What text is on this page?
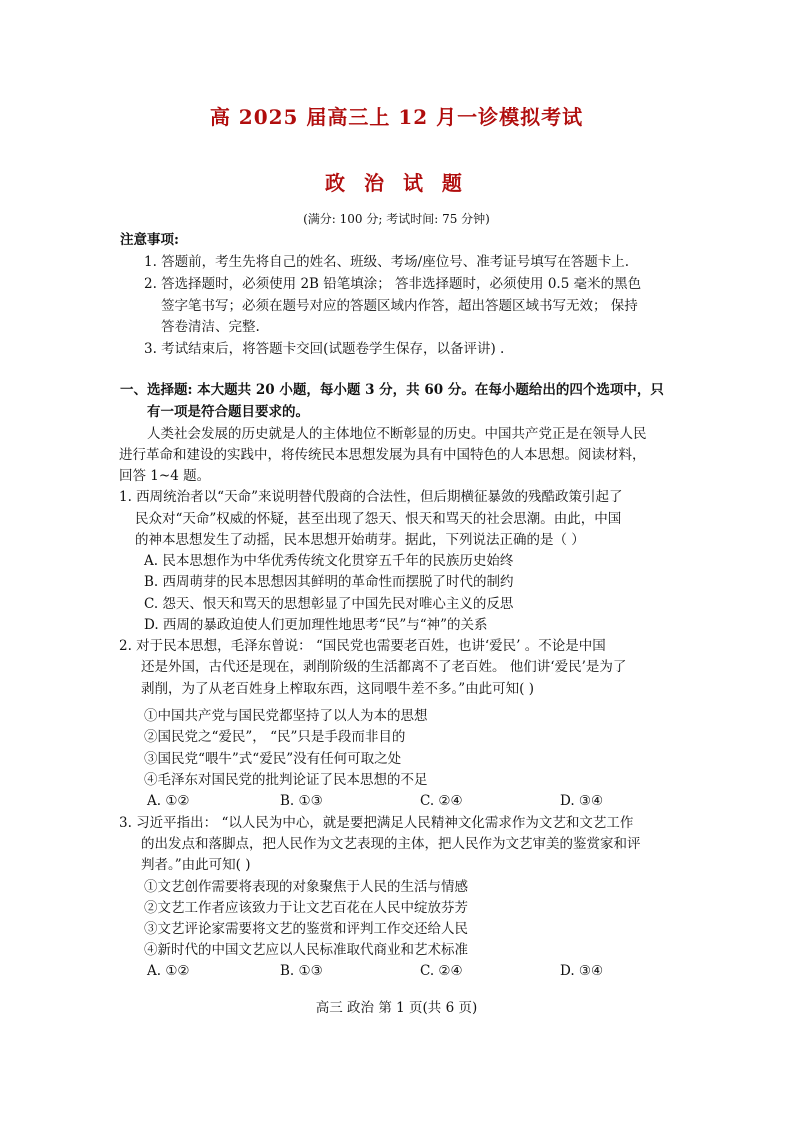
高 2025 届高三上 12 月一诊模拟考试
政 治 试 题
(满分: 100 分; 考试时间: 75 分钟)
注意事项:
1. 答题前，考生先将自己的姓名、班级、考场/座位号、准考证号填写在答题卡上.
2. 答选择题时，必须使用 2B 铅笔填涂； 答非选择题时，必须使用 0.5 毫米的黑色
签字笔书写；必须在题号对应的答题区域内作答，超出答题区域书写无效； 保持
答卷清洁、完整.
3. 考试结束后，将答题卡交回(试题卷学生保存，以备评讲) .
一、选择题: 本大题共 20 小题，每小题 3 分，共 60 分。在每小题给出的四个选项中，只
有一项是符合题目要求的。
人类社会发展的历史就是人的主体地位不断彰显的历史。中国共产党正是在领导人民
进行革命和建设的实践中，将传统民本思想发展为具有中国特色的人本思想。阅读材料，
回答 1~4 题。
1. 西周统治者以“天命”来说明替代殷商的合法性，但后期横征暴敛的残酷政策引起了
民众对“天命”权威的怀疑，甚至出现了怨天、恨天和骂天的社会思潮。由此，中国
的神本思想发生了动摇，民本思想开始萌芽。据此，下列说法正确的是（ ）
A. 民本思想作为中华优秀传统文化贯穿五千年的民族历史始终
B. 西周萌芽的民本思想因其鲜明的革命性而摆脱了时代的制约
C. 怨天、恨天和骂天的思想彰显了中国先民对唯心主义的反思
D. 西周的暴政迫使人们更加理性地思考“民”与“神”的关系
2. 对于民本思想，毛泽东曾说： “国民党也需要老百姓，也讲‘爱民’ 。不论是中国
还是外国，古代还是现在，剥削阶级的生活都离不了老百姓。 他们讲‘爱民’是为了
剥削，为了从老百姓身上榨取东西，这同喂牛差不多。”由此可知( )
①中国共产党与国民党都坚持了以人为本的思想
②国民党之“爱民”， “民”只是手段而非目的
③国民党“喂牛”式“爱民”没有任何可取之处
④毛泽东对国民党的批判论证了民本思想的不足
A. ①②	B. ①③	C. ②④	D. ③④
3. 习近平指出： “以人民为中心，就是要把满足人民精神文化需求作为文艺和文艺工作
的出发点和落脚点，把人民作为文艺表现的主体，把人民作为文艺审美的鉴赏家和评
判者。”由此可知( )
①文艺创作需要将表现的对象聚焦于人民的生活与情感
②文艺工作者应该致力于让文艺百花在人民中绽放芬芳
③文艺评论家需要将文艺的鉴赏和评判工作交还给人民
④新时代的中国文艺应以人民标准取代商业和艺术标准
A. ①②	B. ①③	C. ②④	D. ③④
高三 政治 第 1 页(共 6 页)
